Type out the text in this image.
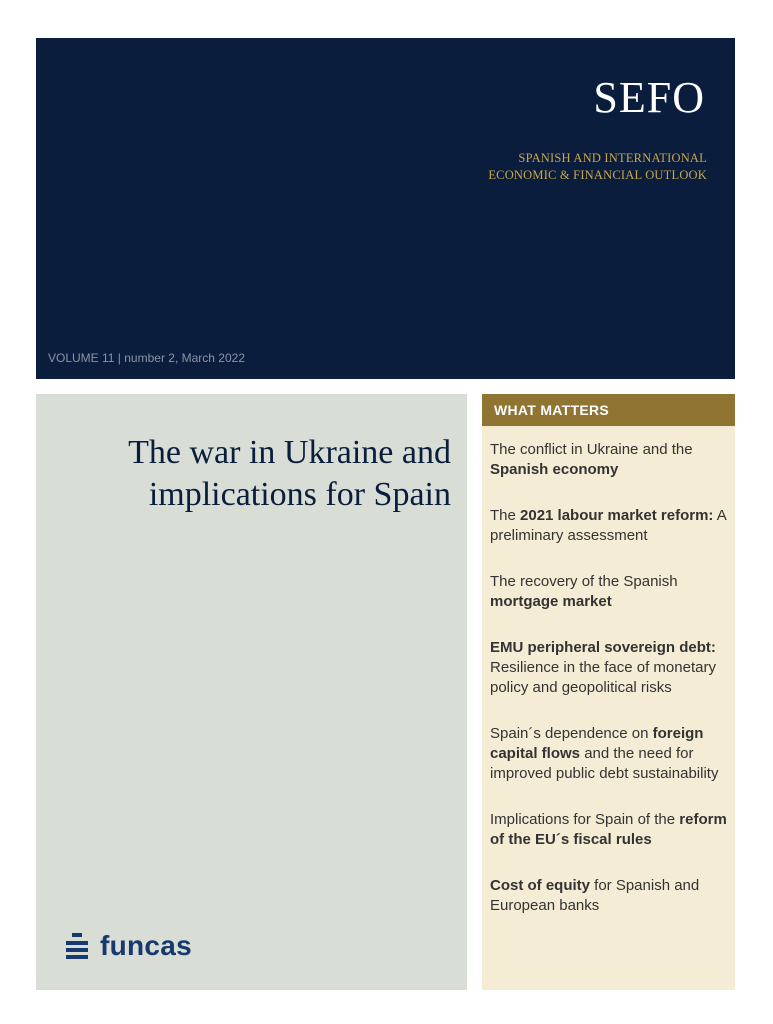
SEFO
SPANISH AND INTERNATIONAL
ECONOMIC & FINANCIAL OUTLOOK
VOLUME 11 | number 2, March 2022
The war in Ukraine and implications for Spain
funcas
WHAT MATTERS
The conflict in Ukraine and the Spanish economy
The 2021 labour market reform: A preliminary assessment
The recovery of the Spanish mortgage market
EMU peripheral sovereign debt: Resilience in the face of monetary policy and geopolitical risks
Spain´s dependence on foreign capital flows and the need for improved public debt sustainability
Implications for Spain of the reform of the EU´s fiscal rules
Cost of equity for Spanish and European banks
